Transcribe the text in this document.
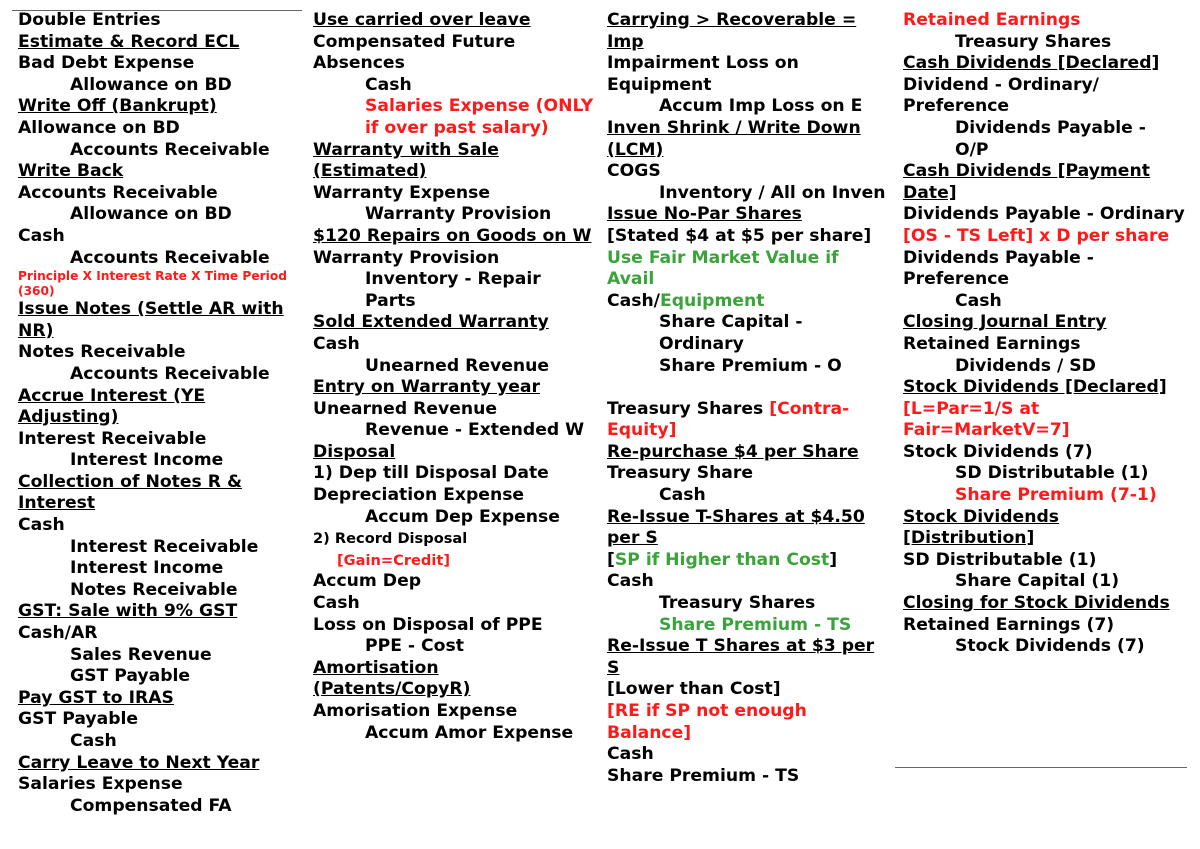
Double Entries
Estimate & Record ECL
Bad Debt Expense
Allowance on BD
Write Off (Bankrupt)
Allowance on BD
Accounts Receivable
Write Back
Accounts Receivable
Allowance on BD
Cash
Accounts Receivable
Principle X Interest Rate X Time Period (360)
Issue Notes (Settle AR with NR)
Notes Receivable
Accounts Receivable
Accrue Interest (YE Adjusting)
Interest Receivable
Interest Income
Collection of Notes R & Interest
Cash
Interest Receivable
Interest Income
Notes Receivable
GST: Sale with 9% GST
Cash/AR
Sales Revenue
GST Payable
Pay GST to IRAS
GST Payable
Cash
Carry Leave to Next Year
Salaries Expense
Compensated FA
Use carried over leave
Compensated Future Absences
Cash
Salaries Expense (ONLY if over past salary)
Warranty with Sale (Estimated)
Warranty Expense
Warranty Provision
$120 Repairs on Goods on W
Warranty Provision
Inventory - Repair Parts
Sold Extended Warranty
Cash
Unearned Revenue
Entry on Warranty year
Unearned Revenue
Revenue - Extended W
Disposal
1) Dep till Disposal Date
Depreciation Expense
Accum Dep Expense
2) Record Disposal
[Gain=Credit]
Accum Dep
Cash
Loss on Disposal of PPE
PPE - Cost
Amortisation (Patents/CopyR)
Amorisation Expense
Accum Amor Expense
Carrying > Recoverable = Imp
Impairment Loss on Equipment
Accum Imp Loss on E
Inven Shrink / Write Down (LCM)
COGS
Inventory / All on Inven
Issue No-Par Shares
[Stated $4 at $5 per share]
Use Fair Market Value if Avail
Cash/Equipment
Share Capital - Ordinary
Share Premium - O
Treasury Shares [Contra-Equity]
Re-purchase $4 per Share
Treasury Share
Cash
Re-Issue T-Shares at $4.50 per S
[SP if Higher than Cost]
Cash
Treasury Shares
Share Premium - TS
Re-Issue T Shares at $3 per S
[Lower than Cost]
[RE if SP not enough Balance]
Cash
Share Premium - TS
Retained Earnings
Treasury Shares
Cash Dividends [Declared]
Dividend - Ordinary/ Preference
Dividends Payable - O/P
Cash Dividends [Payment Date]
Dividends Payable - Ordinary
[OS - TS Left] x D per share
Dividends Payable - Preference
Cash
Closing Journal Entry
Retained Earnings
Dividends / SD
Stock Dividends [Declared]
[L=Par=1/S at Fair=MarketV=7]
Stock Dividends (7)
SD Distributable (1)
Share Premium (7-1)
Stock Dividends [Distribution]
SD Distributable (1)
Share Capital (1)
Closing for Stock Dividends
Retained Earnings (7)
Stock Dividends (7)
